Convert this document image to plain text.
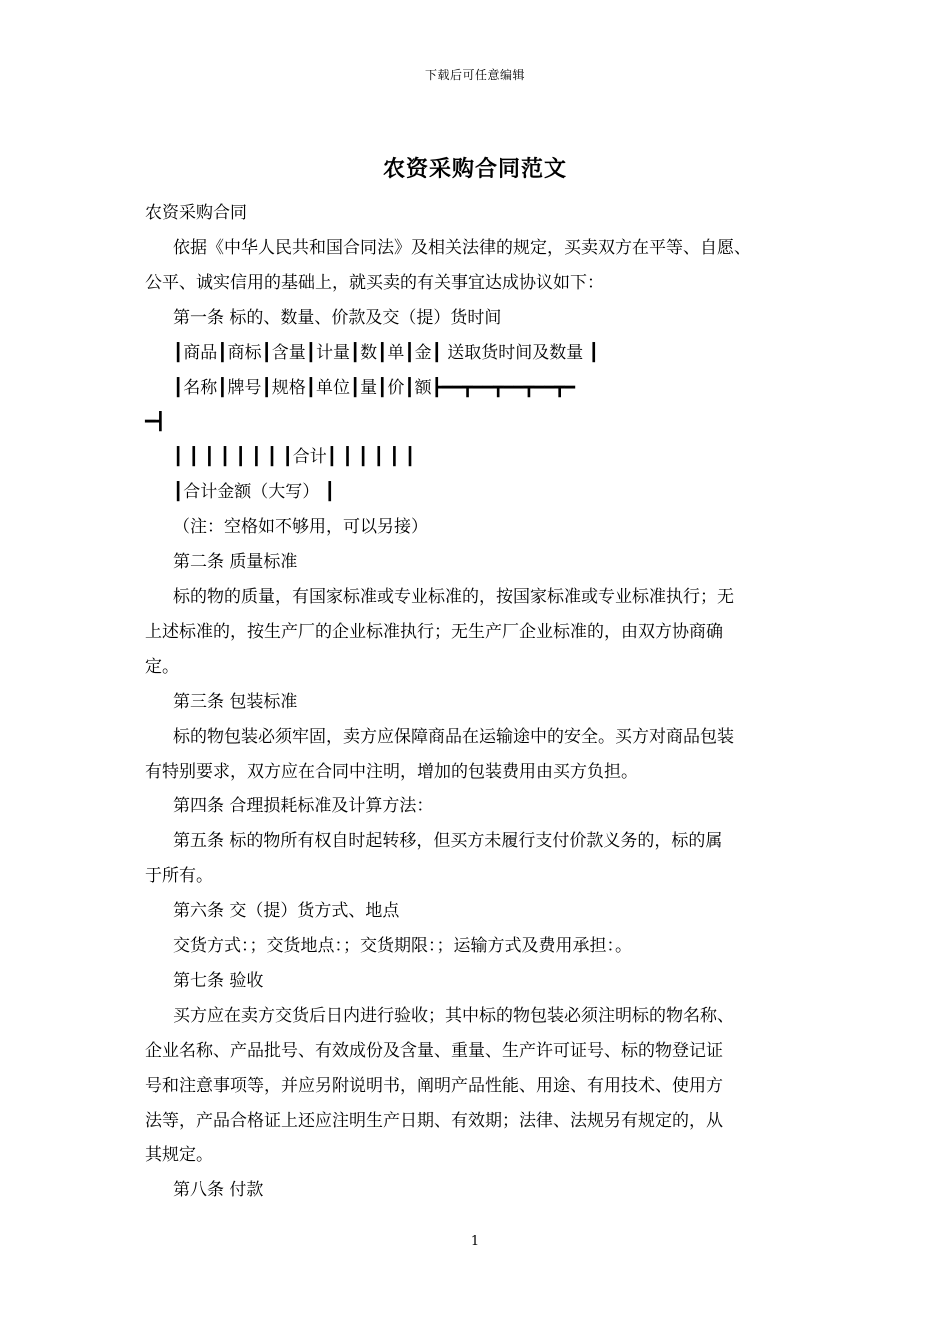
下载后可任意编辑
农资采购合同范文
农资采购合同
依据《中华人民共和国合同法》及相关法律的规定，买卖双方在平等、自愿、
公平、诚实信用的基础上，就买卖的有关事宜达成协议如下：
第一条 标的、数量、价款及交（提）货时间
┃商品┃商标┃含量┃计量┃数┃单┃金┃ 送取货时间及数量 ┃
┃名称┃牌号┃规格┃单位┃量┃价┃额┣━━┳━━┳━━┳━━┳━
━┫
┃ ┃ ┃ ┃ ┃ ┃ ┃ ┃合计┃ ┃ ┃ ┃ ┃ ┃
┃合计金额（大写） ┃
（注：空格如不够用，可以另接）
第二条 质量标准
标的物的质量，有国家标准或专业标准的，按国家标准或专业标准执行；无
上述标准的，按生产厂的企业标准执行；无生产厂企业标准的，由双方协商确
定。
第三条 包装标准
标的物包装必须牢固，卖方应保障商品在运输途中的安全。买方对商品包装
有特别要求，双方应在合同中注明，增加的包装费用由买方负担。
第四条 合理损耗标准及计算方法：
第五条 标的物所有权自时起转移，但买方未履行支付价款义务的，标的属
于所有。
第六条 交（提）货方式、地点
交货方式：；交货地点：；交货期限：；运输方式及费用承担：。
第七条 验收
买方应在卖方交货后日内进行验收；其中标的物包装必须注明标的物名称、
企业名称、产品批号、有效成份及含量、重量、生产许可证号、标的物登记证
号和注意事项等，并应另附说明书，阐明产品性能、用途、有用技术、使用方
法等，产品合格证上还应注明生产日期、有效期；法律、法规另有规定的，从
其规定。
第八条 付款
1
